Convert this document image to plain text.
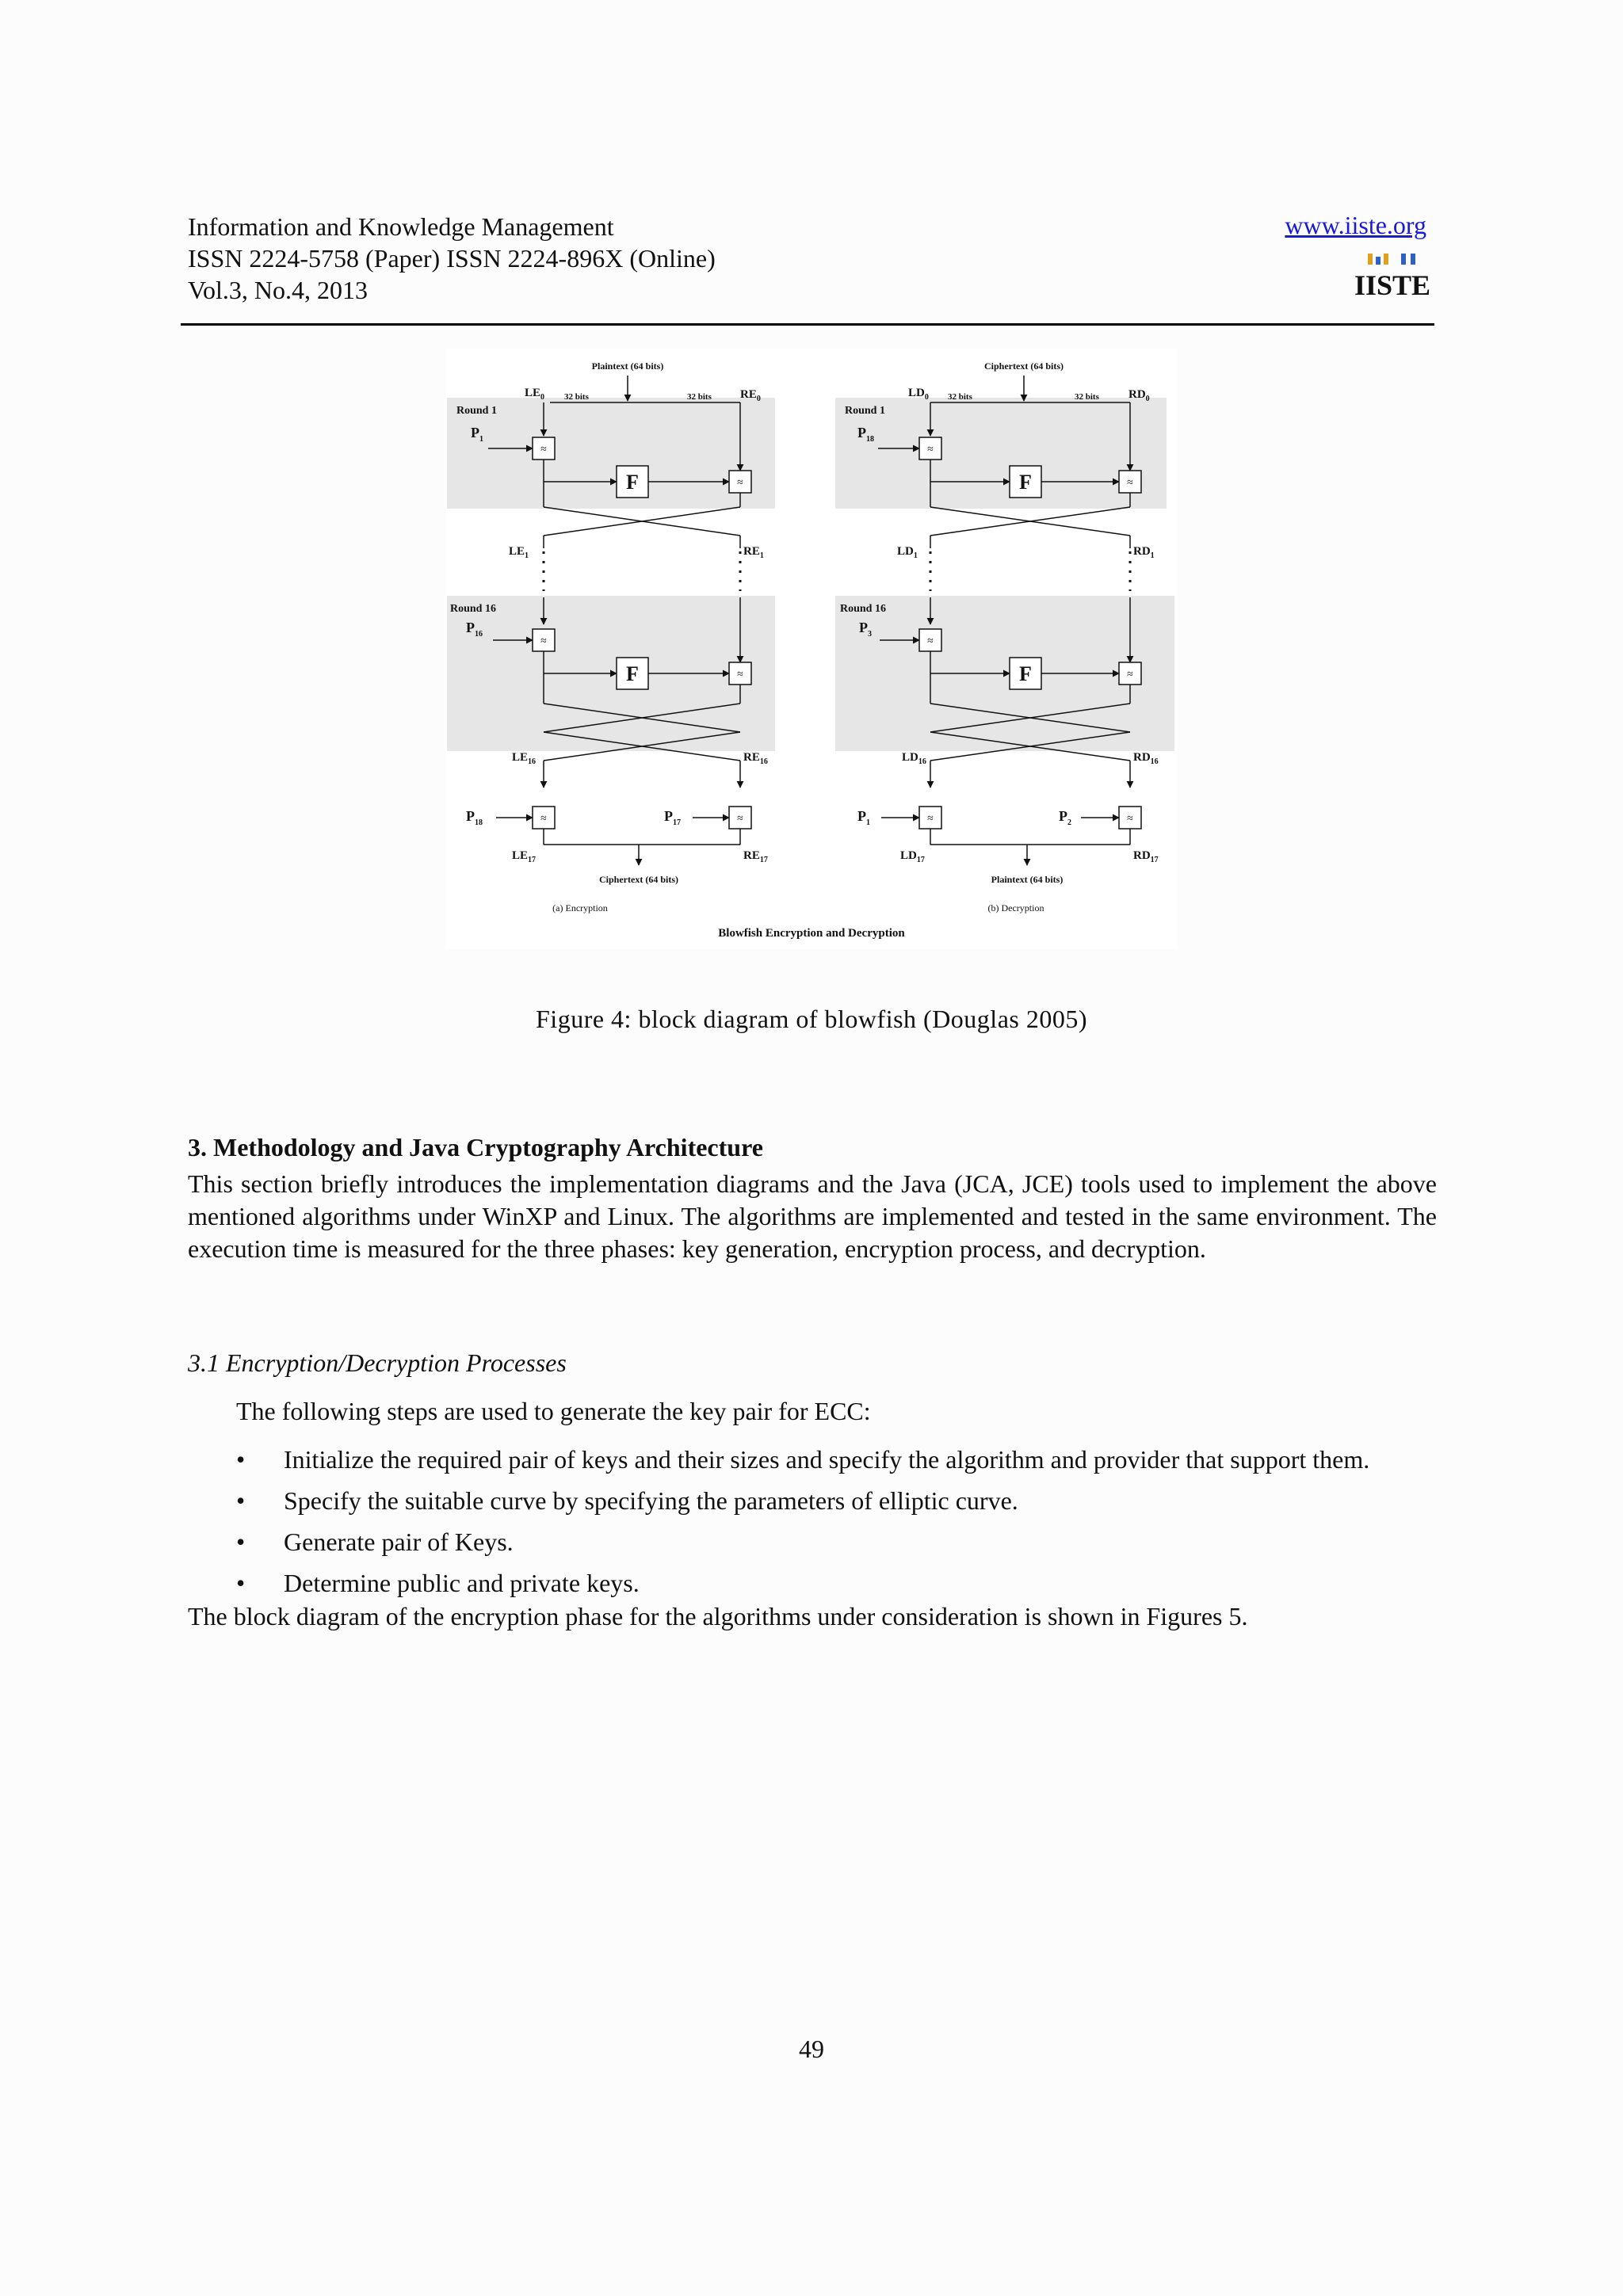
Information and Knowledge Management
ISSN 2224-5758 (Paper) ISSN 2224-896X (Online)
Vol.3, No.4, 2013
www.iiste.org
IISTE
Plaintext (64 bits)
32 bits	32 bits
$LE_0$	$RE_0$
Round 1
$P_1$
≈
F	≈
$LE_1$	$RE_1$
Round 16
$P_{16}$
≈
F	≈
$LE_{16}$	$RE_{16}$
$P_{18}$	≈	$P_{17}$	≈
$LE_{17}$	$RE_{17}$
Ciphertext (64 bits)
(a) Encryption
Ciphertext (64 bits)
32 bits	32 bits
$LD_0$	$RD_0$
Round 1
$P_{18}$
≈
F	≈
$LD_1$	$RD_1$
Round 16
$P_3$
≈
F	≈
$LD_{16}$	$RD_{16}$
$P_1$	≈	$P_2$	≈
$LD_{17}$	$RD_{17}$
Plaintext (64 bits)
(b) Decryption
Blowfish Encryption and Decryption
Figure 4: block diagram of blowfish (Douglas 2005)
3. Methodology and Java Cryptography Architecture
This section briefly introduces the implementation diagrams and the Java (JCA, JCE) tools used to implement the above mentioned algorithms under WinXP and Linux. The algorithms are implemented and tested in the same environment. The execution time is measured for the three phases: key generation, encryption process, and decryption.
3.1 Encryption/Decryption Processes
The following steps are used to generate the key pair for ECC:
• Initialize the required pair of keys and their sizes and specify the algorithm and provider that support them.
• Specify the suitable curve by specifying the parameters of elliptic curve.
• Generate pair of Keys.
• Determine public and private keys.
The block diagram of the encryption phase for the algorithms under consideration is shown in Figures 5.
49
